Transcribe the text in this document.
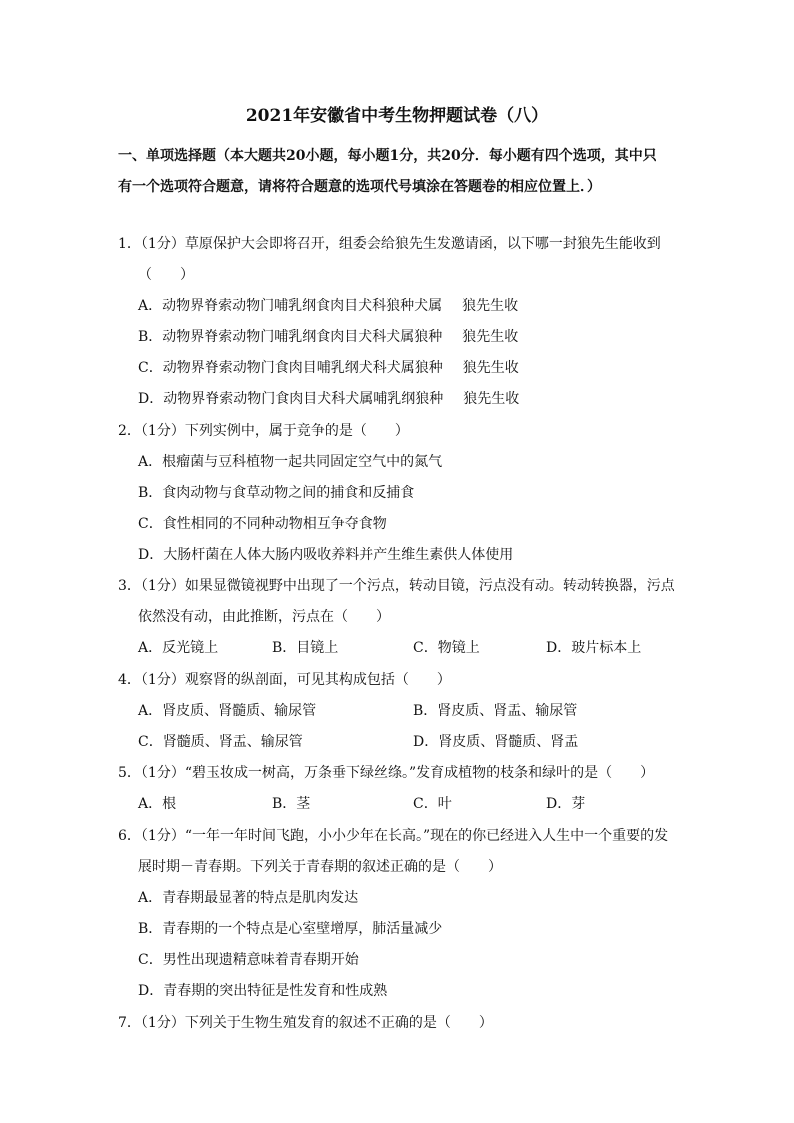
2021年安徽省中考生物押题试卷（八）
一、单项选择题（本大题共20小题，每小题1分，共20分．每小题有四个选项，其中只
有一个选项符合题意，请将符合题意的选项代号填涂在答题卷的相应位置上．）
1．（1分）草原保护大会即将召开，组委会给狼先生发邀请函，以下哪一封狼先生能收到
（　　）
A．动物界脊索动物门哺乳纲食肉目犬科狼种犬属 狼先生收
B．动物界脊索动物门哺乳纲食肉目犬科犬属狼种 狼先生收
C．动物界脊索动物门食肉目哺乳纲犬科犬属狼种 狼先生收
D．动物界脊索动物门食肉目犬科犬属哺乳纲狼种 狼先生收
2．（1分）下列实例中，属于竞争的是（　　）
A．根瘤菌与豆科植物一起共同固定空气中的氮气
B．食肉动物与食草动物之间的捕食和反捕食
C．食性相同的不同种动物相互争夺食物
D．大肠杆菌在人体大肠内吸收养料并产生维生素供人体使用
3．（1分）如果显微镜视野中出现了一个污点，转动目镜，污点没有动。转动转换器，污点
依然没有动，由此推断，污点在（　　）
A．反光镜上	B．目镜上	C．物镜上	D．玻片标本上
4．（1分）观察肾的纵剖面，可见其构成包括（　　）
A．肾皮质、肾髓质、输尿管	B．肾皮质、肾盂、输尿管
C．肾髓质、肾盂、输尿管	D．肾皮质、肾髓质、肾盂
5．（1分）“碧玉妆成一树高，万条垂下绿丝绦。”发育成植物的枝条和绿叶的是（　　）
A．根	B．茎	C．叶	D．芽
6．（1分）“一年一年时间飞跑，小小少年在长高。”现在的你已经进入人生中一个重要的发
展时期－青春期。下列关于青春期的叙述正确的是（　　）
A．青春期最显著的特点是肌肉发达
B．青春期的一个特点是心室壁增厚，肺活量减少
C．男性出现遗精意味着青春期开始
D．青春期的突出特征是性发育和性成熟
7．（1分）下列关于生物生殖发育的叙述不正确的是（　　）
